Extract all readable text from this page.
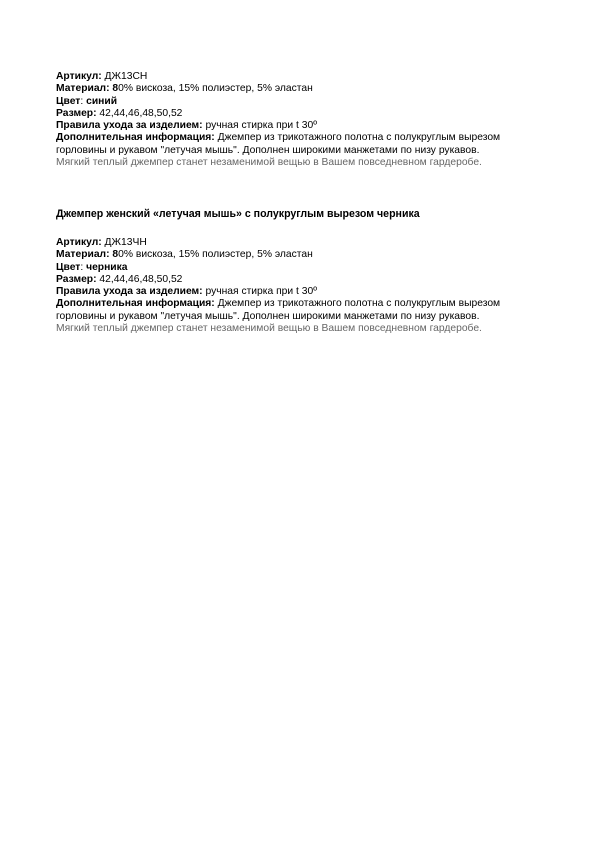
Артикул: ДЖ13СН
Материал: 80% вискоза, 15% полиэстер, 5% эластан
Цвет: синий
Размер: 42,44,46,48,50,52
Правила ухода за изделием: ручная стирка при t 30º
Дополнительная информация: Джемпер из трикотажного полотна с полукруглым вырезом
горловины и рукавом "летучая мышь". Дополнен широкими манжетами по низу рукавов.
Мягкий теплый джемпер станет незаменимой вещью в Вашем повседневном гардеробе.
Джемпер женский «летучая мышь» с полукруглым вырезом черника
Артикул: ДЖ13ЧН
Материал: 80% вискоза, 15% полиэстер, 5% эластан
Цвет: черника
Размер: 42,44,46,48,50,52
Правила ухода за изделием: ручная стирка при t 30º
Дополнительная информация: Джемпер из трикотажного полотна с полукруглым вырезом
горловины и рукавом "летучая мышь". Дополнен широкими манжетами по низу рукавов.
Мягкий теплый джемпер станет незаменимой вещью в Вашем повседневном гардеробе.
